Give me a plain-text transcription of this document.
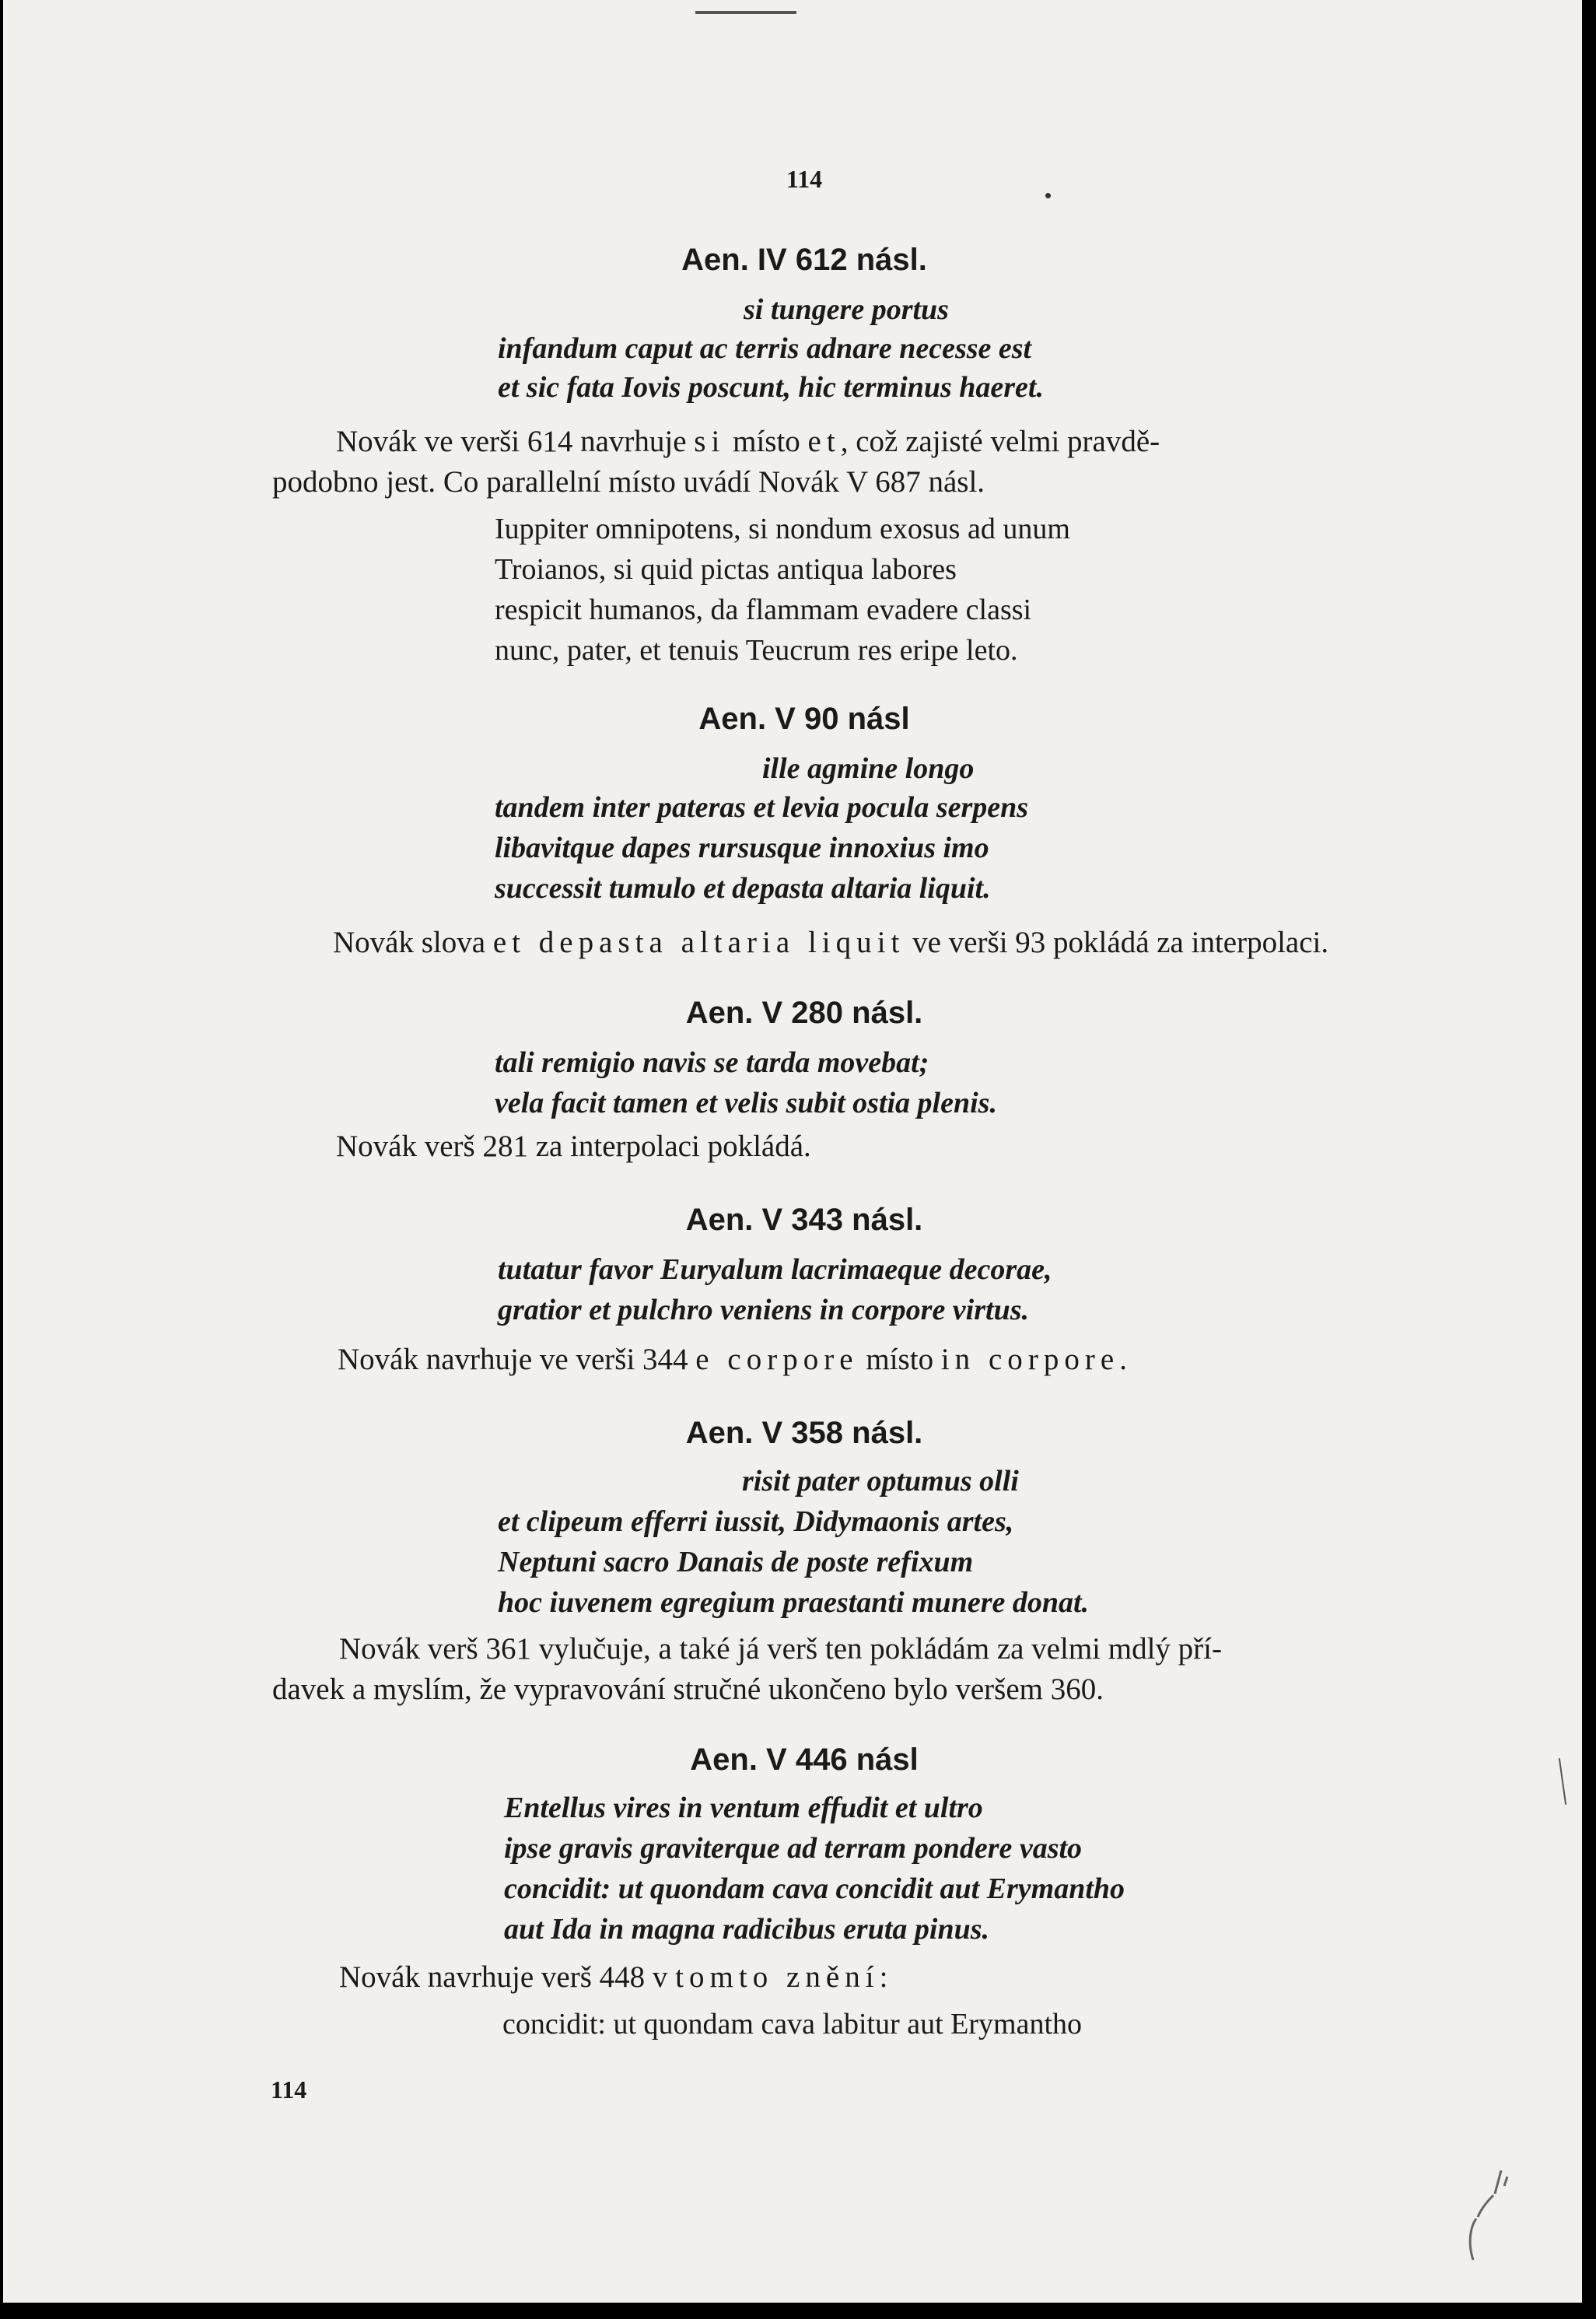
114
Aen. IV 612 násl.
si tungere portus
infandum caput ac terris adnare necesse est
et sic fata Iovis poscunt, hic terminus haeret.
Novák ve verši 614 navrhuje si místo et, což zajisté velmi pravdě-
podobno jest. Co parallelní místo uvádí Novák V 687 násl.
Iuppiter omnipotens, si nondum exosus ad unum
Troianos, si quid pictas antiqua labores
respicit humanos, da flammam evadere classi
nunc, pater, et tenuis Teucrum res eripe leto.
Aen. V 90 násl
ille agmine longo
tandem inter pateras et levia pocula serpens
libavitque dapes rursusque innoxius imo
successit tumulo et depasta altaria liquit.
Novák slova et depasta altaria liquit ve verši 93 pokládá za interpolaci.
Aen. V 280 násl.
tali remigio navis se tarda movebat;
vela facit tamen et velis subit ostia plenis.
Novák verš 281 za interpolaci pokládá.
Aen. V 343 násl.
tutatur favor Euryalum lacrimaeque decorae,
gratior et pulchro veniens in corpore virtus.
Novák navrhuje ve verši 344 e corpore místo in corpore.
Aen. V 358 násl.
risit pater optumus olli
et clipeum efferri iussit, Didymaonis artes,
Neptuni sacro Danais de poste refixum
hoc iuvenem egregium praestanti munere donat.
Novák verš 361 vylučuje, a také já verš ten pokládám za velmi mdlý pří-
davek a myslím, že vypravování stručné ukončeno bylo veršem 360.
Aen. V 446 násl
Entellus vires in ventum effudit et ultro
ipse gravis graviterque ad terram pondere vasto
concidit: ut quondam cava concidit aut Erymantho
aut Ida in magna radicibus eruta pinus.
Novák navrhuje verš 448 v tomto znění:
concidit: ut quondam cava labitur aut Erymantho
114
